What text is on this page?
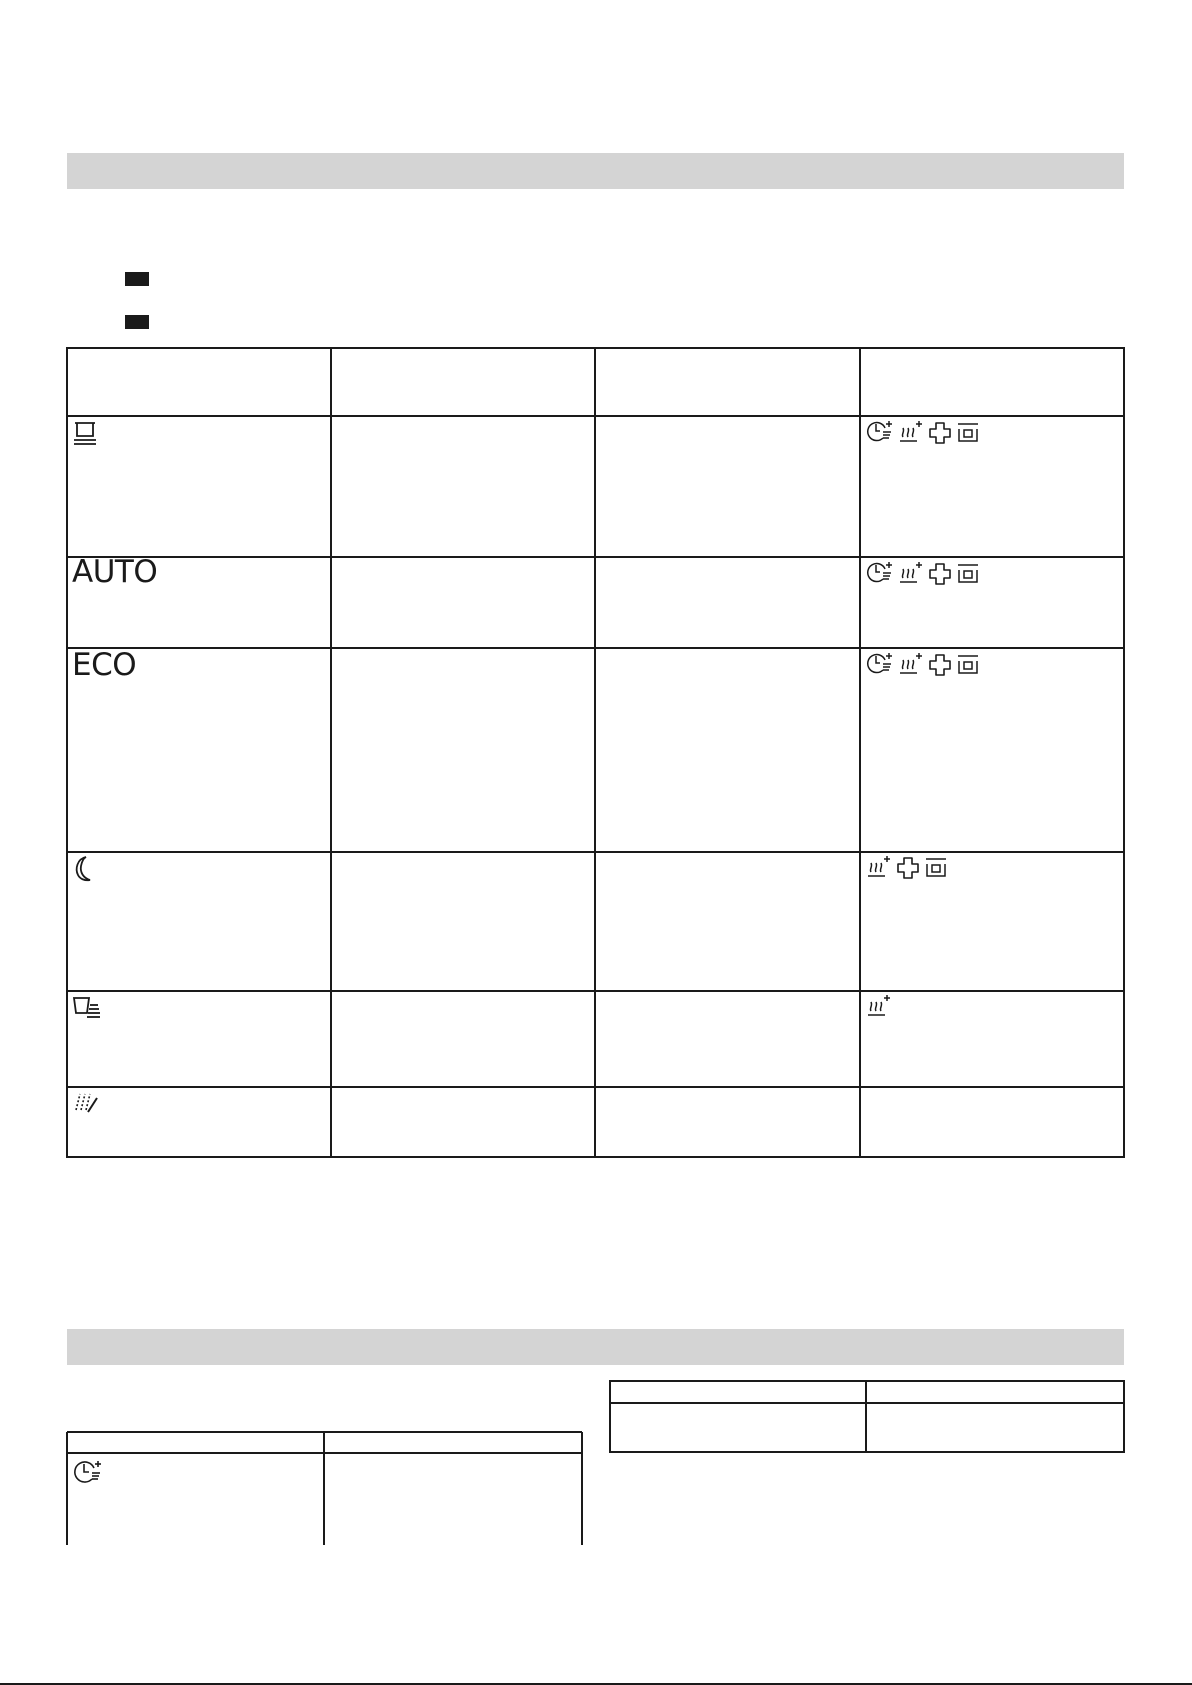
AUTO
ECO
